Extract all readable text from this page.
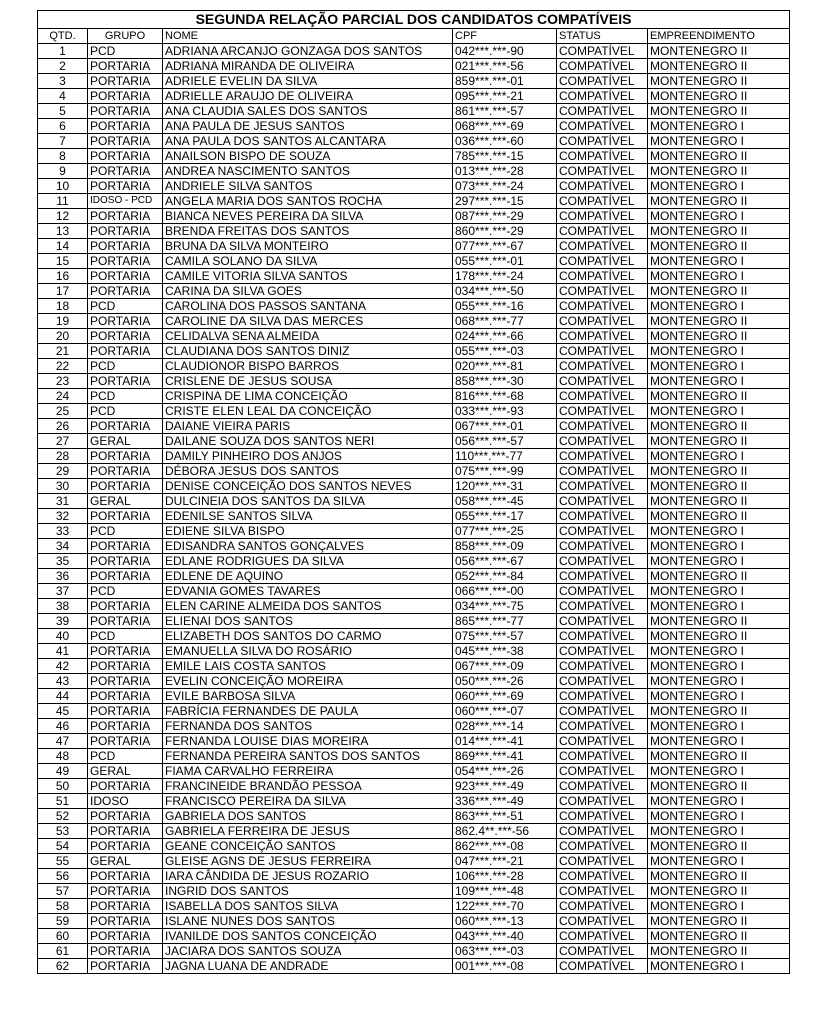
SEGUNDA RELAÇÃO PARCIAL DOS CANDIDATOS COMPATÍVEIS					
QTD.	GRUPO	NOME	CPF	STATUS	EMPREENDIMENTO
1	PCD	ADRIANA ARCANJO GONZAGA DOS SANTOS	042***.***-90	COMPATÍVEL	MONTENEGRO II
2	PORTARIA	ADRIANA MIRANDA DE OLIVEIRA	021***.***-56	COMPATÍVEL	MONTENEGRO II
3	PORTARIA	ADRIELE EVELIN DA SILVA	859***.***-01	COMPATÍVEL	MONTENEGRO II
4	PORTARIA	ADRIELLE ARAUJO DE OLIVEIRA	095***.***-21	COMPATÍVEL	MONTENEGRO II
5	PORTARIA	ANA CLAUDIA SALES DOS SANTOS	861***.***-57	COMPATÍVEL	MONTENEGRO II
6	PORTARIA	ANA PAULA DE JESUS SANTOS	068***.***-69	COMPATÍVEL	MONTENEGRO I
7	PORTARIA	ANA PAULA DOS SANTOS ALCANTARA	036***.***-60	COMPATÍVEL	MONTENEGRO I
8	PORTARIA	ANAILSON BISPO DE SOUZA	785***.***-15	COMPATÍVEL	MONTENEGRO II
9	PORTARIA	ANDREA NASCIMENTO SANTOS	013***.***-28	COMPATÍVEL	MONTENEGRO II
10	PORTARIA	ANDRIELE SILVA SANTOS	073***.***-24	COMPATÍVEL	MONTENEGRO I
11	IDOSO - PCD	ANGELA MARIA DOS SANTOS ROCHA	297***.***-15	COMPATÍVEL	MONTENEGRO II
12	PORTARIA	BIANCA NEVES PEREIRA DA SILVA	087***.***-29	COMPATÍVEL	MONTENEGRO I
13	PORTARIA	BRENDA FREITAS DOS SANTOS	860***.***-29	COMPATÍVEL	MONTENEGRO II
14	PORTARIA	BRUNA DA SILVA MONTEIRO	077***.***-67	COMPATÍVEL	MONTENEGRO II
15	PORTARIA	CAMILA SOLANO DA SILVA	055***.***-01	COMPATÍVEL	MONTENEGRO I
16	PORTARIA	CAMILE VITORIA SILVA SANTOS	178***.***-24	COMPATÍVEL	MONTENEGRO I
17	PORTARIA	CARINA DA SILVA GOES	034***.***-50	COMPATÍVEL	MONTENEGRO II
18	PCD	CAROLINA DOS PASSOS SANTANA	055***.***-16	COMPATÍVEL	MONTENEGRO I
19	PORTARIA	CAROLINE DA SILVA DAS MERCES	068***.***-77	COMPATÍVEL	MONTENEGRO II
20	PORTARIA	CELIDALVA SENA ALMEIDA	024***.***-66	COMPATÍVEL	MONTENEGRO II
21	PORTARIA	CLAUDIANA DOS SANTOS DINIZ	055***.***-03	COMPATÍVEL	MONTENEGRO I
22	PCD	CLAUDIONOR BISPO BARROS	020***.***-81	COMPATÍVEL	MONTENEGRO I
23	PORTARIA	CRISLENE DE JESUS SOUSA	858***.***-30	COMPATÍVEL	MONTENEGRO I
24	PCD	CRISPINA DE LIMA CONCEIÇÃO	816***.***-68	COMPATÍVEL	MONTENEGRO II
25	PCD	CRISTE ELEN LEAL DA CONCEIÇÃO	033***.***-93	COMPATÍVEL	MONTENEGRO I
26	PORTARIA	DAIANE VIEIRA PARIS	067***.***-01	COMPATÍVEL	MONTENEGRO II
27	GERAL	DAILANE SOUZA DOS SANTOS NERI	056***.***-57	COMPATÍVEL	MONTENEGRO II
28	PORTARIA	DAMILY PINHEIRO DOS ANJOS	110***.***-77	COMPATÍVEL	MONTENEGRO I
29	PORTARIA	DÉBORA JESUS DOS SANTOS	075***.***-99	COMPATÍVEL	MONTENEGRO II
30	PORTARIA	DENISE CONCEIÇÃO DOS SANTOS NEVES	120***.***-31	COMPATÍVEL	MONTENEGRO II
31	GERAL	DULCINEIA DOS SANTOS DA SILVA	058***.***-45	COMPATÍVEL	MONTENEGRO II
32	PORTARIA	EDENILSE SANTOS SILVA	055***.***-17	COMPATÍVEL	MONTENEGRO II
33	PCD	EDIENE SILVA BISPO	077***.***-25	COMPATÍVEL	MONTENEGRO I
34	PORTARIA	EDISANDRA SANTOS GONÇALVES	858***.***-09	COMPATÍVEL	MONTENEGRO I
35	PORTARIA	EDLANE RODRIGUES DA SILVA	056***.***-67	COMPATÍVEL	MONTENEGRO I
36	PORTARIA	EDLENE DE AQUINO	052***.***-84	COMPATÍVEL	MONTENEGRO II
37	PCD	EDVANIA GOMES TAVARES	066***.***-00	COMPATÍVEL	MONTENEGRO I
38	PORTARIA	ELEN CARINE ALMEIDA DOS SANTOS	034***.***-75	COMPATÍVEL	MONTENEGRO I
39	PORTARIA	ELIENAI DOS SANTOS	865***.***-77	COMPATÍVEL	MONTENEGRO II
40	PCD	ELIZABETH DOS SANTOS DO CARMO	075***.***-57	COMPATÍVEL	MONTENEGRO II
41	PORTARIA	EMANUELLA SILVA DO ROSÁRIO	045***.***-38	COMPATÍVEL	MONTENEGRO I
42	PORTARIA	EMILE LAIS COSTA SANTOS	067***.***-09	COMPATÍVEL	MONTENEGRO I
43	PORTARIA	EVELIN CONCEIÇÃO MOREIRA	050***.***-26	COMPATÍVEL	MONTENEGRO I
44	PORTARIA	EVILE BARBOSA SILVA	060***.***-69	COMPATÍVEL	MONTENEGRO I
45	PORTARIA	FABRÍCIA FERNANDES DE PAULA	060***.***-07	COMPATÍVEL	MONTENEGRO II
46	PORTARIA	FERNANDA DOS SANTOS	028***.***-14	COMPATÍVEL	MONTENEGRO I
47	PORTARIA	FERNANDA LOUISE DIAS MOREIRA	014***.***-41	COMPATÍVEL	MONTENEGRO I
48	PCD	FERNANDA PEREIRA SANTOS DOS SANTOS	869***.***-41	COMPATÍVEL	MONTENEGRO II
49	GERAL	FIAMA CARVALHO FERREIRA	054***.***-26	COMPATÍVEL	MONTENEGRO I
50	PORTARIA	FRANCINEIDE BRANDÃO PESSOA	923***.***-49	COMPATÍVEL	MONTENEGRO II
51	IDOSO	FRANCISCO PEREIRA DA SILVA	336***.***-49	COMPATÍVEL	MONTENEGRO I
52	PORTARIA	GABRIELA DOS SANTOS	863***.***-51	COMPATÍVEL	MONTENEGRO I
53	PORTARIA	GABRIELA FERREIRA DE JESUS	862.4**.***-56	COMPATÍVEL	MONTENEGRO I
54	PORTARIA	GEANE CONCEIÇÃO SANTOS	862***.***-08	COMPATÍVEL	MONTENEGRO II
55	GERAL	GLEISE AGNS DE JESUS FERREIRA	047***.***-21	COMPATÍVEL	MONTENEGRO I
56	PORTARIA	IARA CÂNDIDA DE JESUS ROZARIO	106***.***-28	COMPATÍVEL	MONTENEGRO II
57	PORTARIA	INGRID DOS SANTOS	109***.***-48	COMPATÍVEL	MONTENEGRO II
58	PORTARIA	ISABELLA DOS SANTOS SILVA	122***.***-70	COMPATÍVEL	MONTENEGRO I
59	PORTARIA	ISLANE NUNES DOS SANTOS	060***.***-13	COMPATÍVEL	MONTENEGRO II
60	PORTARIA	IVANILDE DOS SANTOS CONCEIÇÃO	043***.***-40	COMPATÍVEL	MONTENEGRO II
61	PORTARIA	JACIARA DOS SANTOS SOUZA	063***.***-03	COMPATÍVEL	MONTENEGRO II
62	PORTARIA	JAGNA LUANA DE ANDRADE	001***.***-08	COMPATÍVEL	MONTENEGRO I
